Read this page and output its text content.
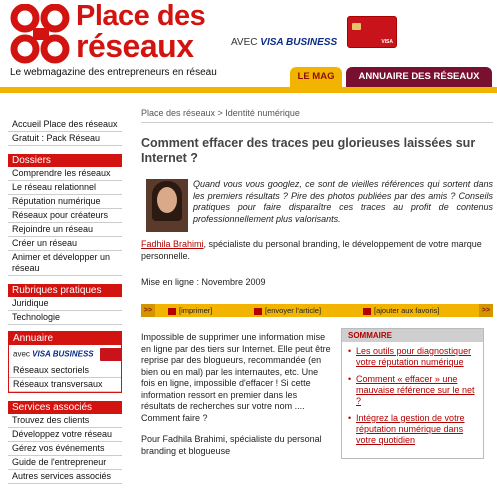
Place des
réseaux	AVEC VISA BUSINESS	VISA
Le webmagazine des entrepreneurs en réseau	LE MAG	ANNUAIRE DES RÉSEAUX
Accueil Place des réseaux
Gratuit : Pack Réseau
Dossiers
Comprendre les réseaux
Le réseau relationnel
Réputation numérique
Réseaux pour créateurs
Rejoindre un réseau
Créer un réseau
Animer et développer un réseau
Rubriques pratiques
Juridique
Technologie
Annuaire
avec VISA BUSINESS
Réseaux sectoriels
Réseaux transversaux
Services associés
Trouvez des clients
Développez votre réseau
Gérez vos événements
Guide de l'entrepreneur
Autres services associés
Place des réseaux > Identité numérique
Comment effacer des traces peu glorieuses laissées sur Internet ?
Quand vous vous googlez, ce sont de vieilles références qui sortent dans les premiers résultats ? Pire des photos publiées par des amis ? Conseils pratiques pour faire disparaître ces traces au profit de contenus professionnellement plus valorisants.
Fadhila Brahimi, spécialiste du personal branding, le développement de votre marque personnelle.
Mise en ligne : Novembre 2009
>>	[imprimer]	[envoyer l'article]	[ajouter aux favoris]	>>

Impossible de supprimer une information mise en ligne par des tiers sur Internet. Elle peut être reprise par des blogueurs, recommandée (en bien ou en mal) par les internautes, etc. Une fois en ligne, impossible d'effacer ! Si cette information ressort en premier dans les résultats de recherches sur votre nom .... Comment faire ?

Pour Fadhila Brahimi, spécialiste du personal branding et blogueuse

SOMMAIRE
• Les outils pour diagnostiquer votre réputation numérique
• Comment « effacer » une mauvaise référence sur le net ?
• Intégrez la gestion de votre réputation numérique dans votre quotidien
